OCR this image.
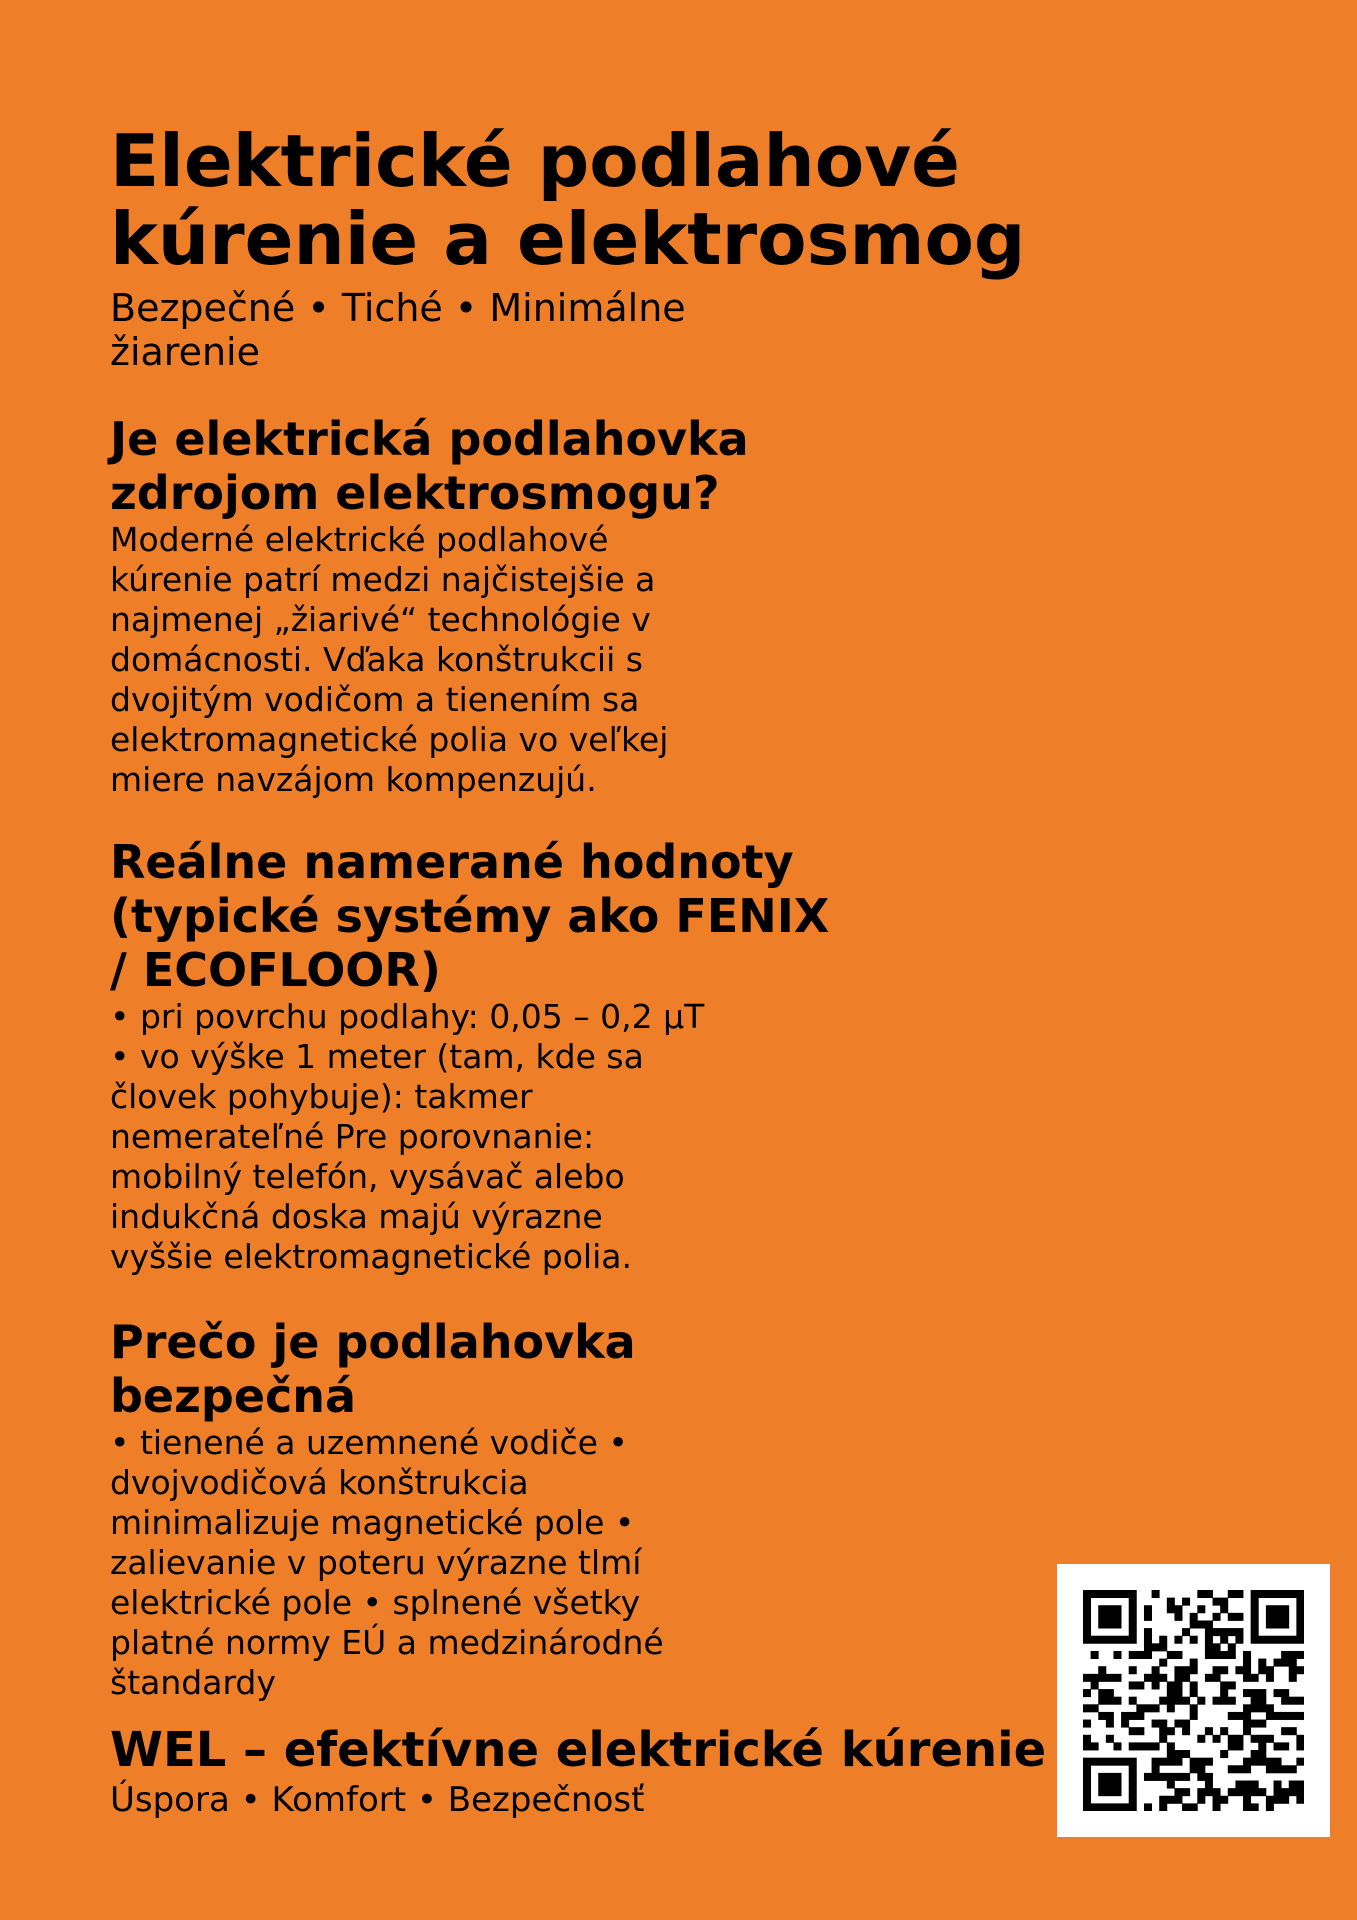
Elektrické podlahové
kúrenie a elektrosmog
Bezpečné • Tiché • Minimálne žiarenie
Je elektrická podlahovka zdrojom elektrosmogu?

Moderné elektrické podlahové kúrenie patrí medzi najčistejšie a najmenej „žiarivé“ technológie v domácnosti. Vďaka konštrukcii s dvojitým vodičom a tienením sa elektromagnetické polia vo veľkej miere navzájom kompenzujú.

Reálne namerané hodnoty (typické systémy ako FENIX / ECOFLOOR)

• pri povrchu podlahy: 0,05 – 0,2 µT • vo výške 1 meter (tam, kde sa človek pohybuje): takmer nemerateľné Pre porovnanie: mobilný telefón, vysávač alebo indukčná doska majú výrazne vyššie elektromagnetické polia.

Prečo je podlahovka bezpečná

• tienené a uzemnené vodiče • dvojvodičová konštrukcia minimalizuje magnetické pole • zalievanie v poteru výrazne tlmí elektrické pole • splnené všetky platné normy EÚ a medzinárodné štandardy

WEL – efektívne elektrické kúrenie
Úspora • Komfort • Bezpečnosť
